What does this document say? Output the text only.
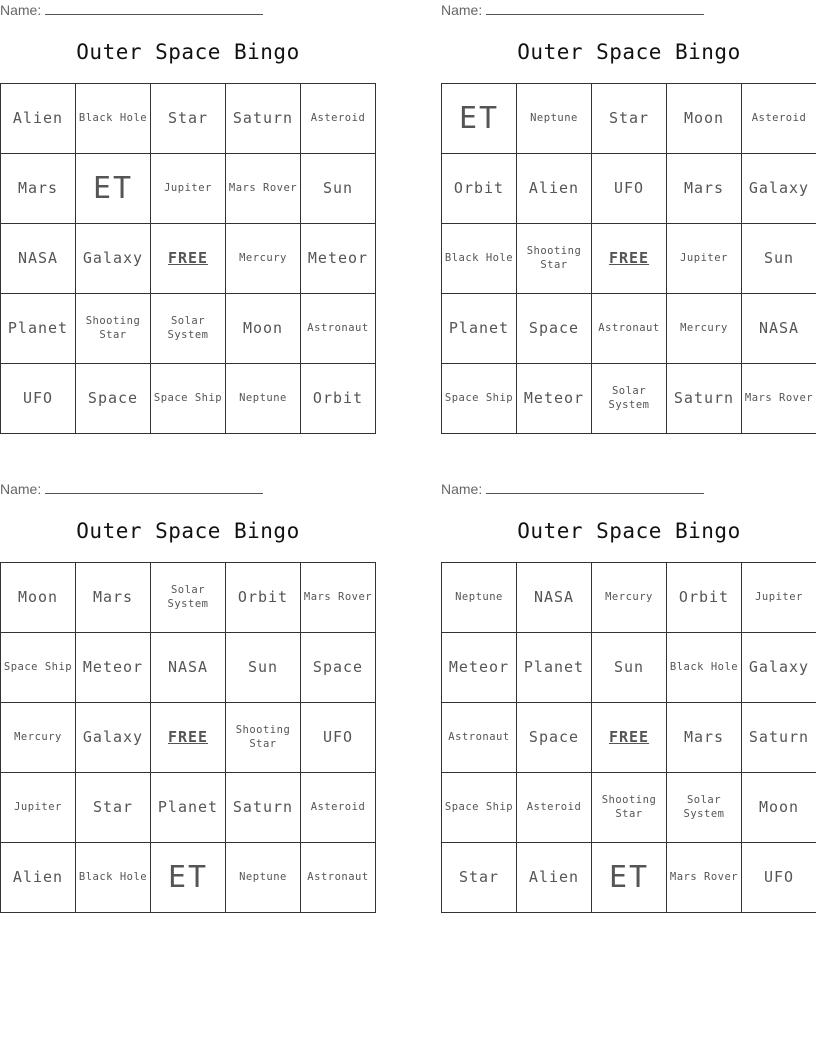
Name:
Outer Space Bingo
Alien	Black Hole	Star	Saturn	Asteroid
Mars	ET	Jupiter	Mars Rover	Sun
NASA	Galaxy	FREE	Mercury	Meteor
Planet	Shooting Star	Solar System	Moon	Astronaut
UFO	Space	Space Ship	Neptune	Orbit
Name:
Outer Space Bingo
ET	Neptune	Star	Moon	Asteroid
Orbit	Alien	UFO	Mars	Galaxy
Black Hole	Shooting Star	FREE	Jupiter	Sun
Planet	Space	Astronaut	Mercury	NASA
Space Ship	Meteor	Solar System	Saturn	Mars Rover
Name:
Outer Space Bingo
Moon	Mars	Solar System	Orbit	Mars Rover
Space Ship	Meteor	NASA	Sun	Space
Mercury	Galaxy	FREE	Shooting Star	UFO
Jupiter	Star	Planet	Saturn	Asteroid
Alien	Black Hole	ET	Neptune	Astronaut
Name:
Outer Space Bingo
Neptune	NASA	Mercury	Orbit	Jupiter
Meteor	Planet	Sun	Black Hole	Galaxy
Astronaut	Space	FREE	Mars	Saturn
Space Ship	Asteroid	Shooting Star	Solar System	Moon
Star	Alien	ET	Mars Rover	UFO
